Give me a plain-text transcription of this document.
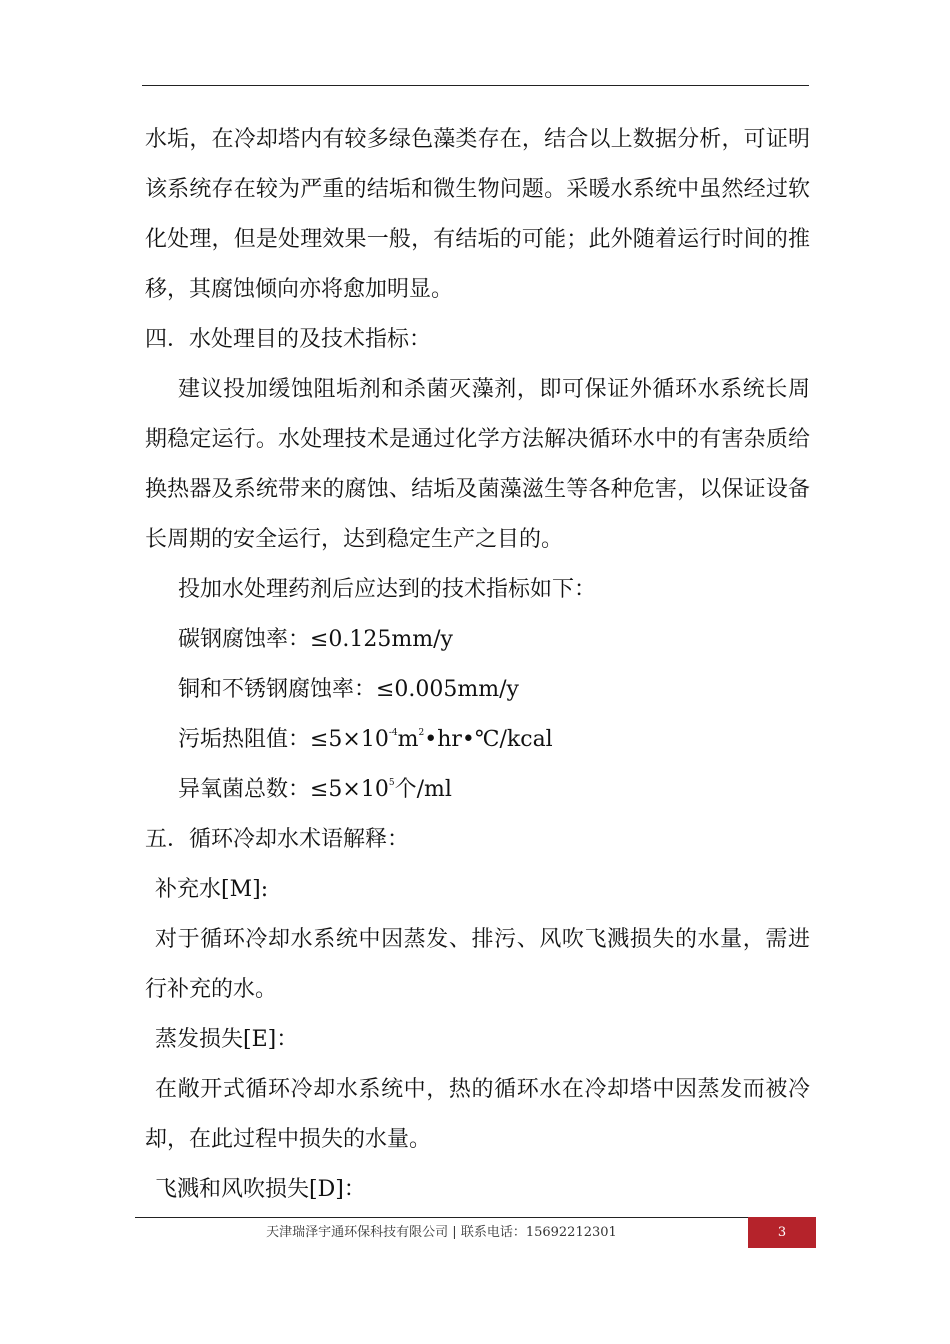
水垢，在冷却塔内有较多绿色藻类存在，结合以上数据分析，可证明
该系统存在较为严重的结垢和微生物问题。采暖水系统中虽然经过软
化处理，但是处理效果一般，有结垢的可能；此外随着运行时间的推
移，其腐蚀倾向亦将愈加明显。
四．水处理目的及技术指标：
建议投加缓蚀阻垢剂和杀菌灭藻剂，即可保证外循环水系统长周
期稳定运行。水处理技术是通过化学方法解决循环水中的有害杂质给
换热器及系统带来的腐蚀、结垢及菌藻滋生等各种危害，以保证设备
长周期的安全运行，达到稳定生产之目的。
投加水处理药剂后应达到的技术指标如下：
碳钢腐蚀率：≤0.125mm/y
铜和不锈钢腐蚀率：≤0.005mm/y
污垢热阻值：$\le 5\times 10^{-4}m^2•hr•℃$/kcal
异氧菌总数：$\le 5\times 10^5$个/ml
五．循环冷却水术语解释：
补充水[M]:
对于循环冷却水系统中因蒸发、排污、风吹飞溅损失的水量，需进
行补充的水。
蒸发损失[E]：
在敞开式循环冷却水系统中，热的循环水在冷却塔中因蒸发而被冷
却，在此过程中损失的水量。
飞溅和风吹损失[D]：
天津瑞泽宇通环保科技有限公司 | 联系电话：15692212301	3
